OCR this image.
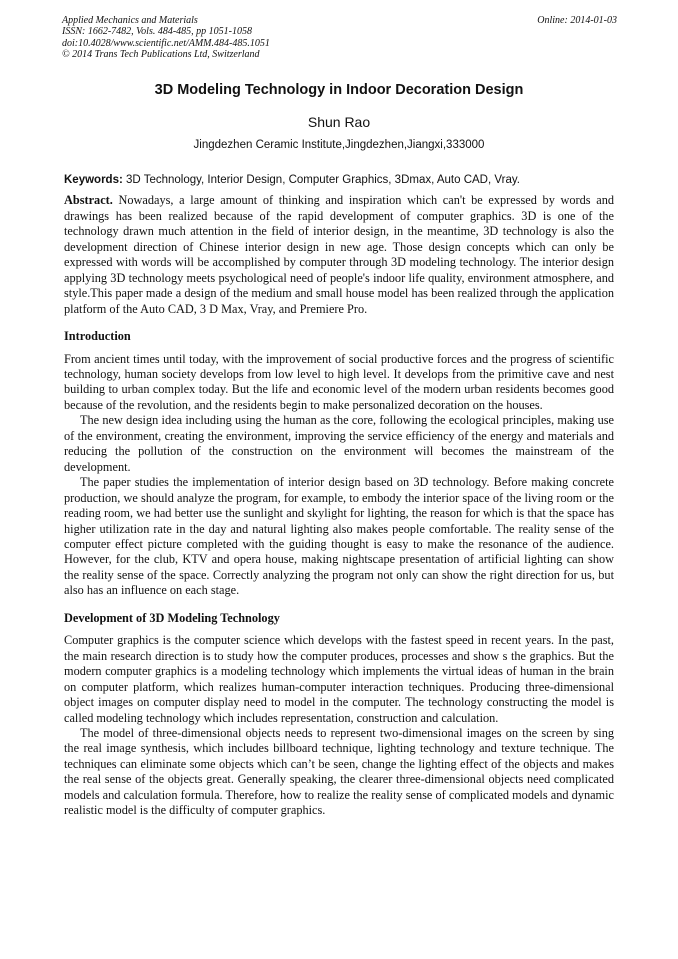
Applied Mechanics and Materials
ISSN: 1662-7482, Vols. 484-485, pp 1051-1058
doi:10.4028/www.scientific.net/AMM.484-485.1051
© 2014 Trans Tech Publications Ltd, Switzerland
Online: 2014-01-03
3D Modeling Technology in Indoor Decoration Design
Shun Rao
Jingdezhen Ceramic Institute,Jingdezhen,Jiangxi,333000
Keywords: 3D Technology, Interior Design, Computer Graphics, 3Dmax, Auto CAD, Vray.

Abstract. Nowadays, a large amount of thinking and inspiration which can't be expressed by words and drawings has been realized because of the rapid development of computer graphics. 3D is one of the technology drawn much attention in the field of interior design, in the meantime, 3D technology is also the development direction of Chinese interior design in new age. Those design concepts which can only be expressed with words will be accomplished by computer through 3D modeling technology. The interior design applying 3D technology meets psychological need of people's indoor life quality, environment atmosphere, and style.This paper made a design of the medium and small house model has been realized through the application platform of the Auto CAD, 3 D Max, Vray, and Premiere Pro.

Introduction

From ancient times until today, with the improvement of social productive forces and the progress of scientific technology, human society develops from low level to high level. It develops from the primitive cave and nest building to urban complex today. But the life and economic level of the modern urban residents becomes good because of the revolution, and the residents begin to make personalized decoration on the houses.

The new design idea including using the human as the core, following the ecological principles, making use of the environment, creating the environment, improving the service efficiency of the energy and materials and reducing the pollution of the construction on the environment will becomes the mainstream of the development.

The paper studies the implementation of interior design based on 3D technology. Before making concrete production, we should analyze the program, for example, to embody the interior space of the living room or the reading room, we had better use the sunlight and skylight for lighting, the reason for which is that the space has higher utilization rate in the day and natural lighting also makes people comfortable. The reality sense of the computer effect picture completed with the guiding thought is easy to make the resonance of the audience. However, for the club, KTV and opera house, making nightscape presentation of artificial lighting can show the reality sense of the space. Correctly analyzing the program not only can show the right direction for us, but also has an influence on each stage.

Development of 3D Modeling Technology

Computer graphics is the computer science which develops with the fastest speed in recent years. In the past, the main research direction is to study how the computer produces, processes and show s the graphics. But the modern computer graphics is a modeling technology which implements the virtual ideas of human in the brain on computer platform, which realizes human-computer interaction techniques. Producing three-dimensional object images on computer display need to model in the computer. The technology constructing the model is called modeling technology which includes representation, construction and calculation.

The model of three-dimensional objects needs to represent two-dimensional images on the screen by sing the real image synthesis, which includes billboard technique, lighting technology and texture technique. The techniques can eliminate some objects which can’t be seen, change the lighting effect of the objects and makes the real sense of the objects great. Generally speaking, the clearer three-dimensional objects need complicated models and calculation formula. Therefore, how to realize the reality sense of complicated models and dynamic realistic model is the difficulty of computer graphics.
